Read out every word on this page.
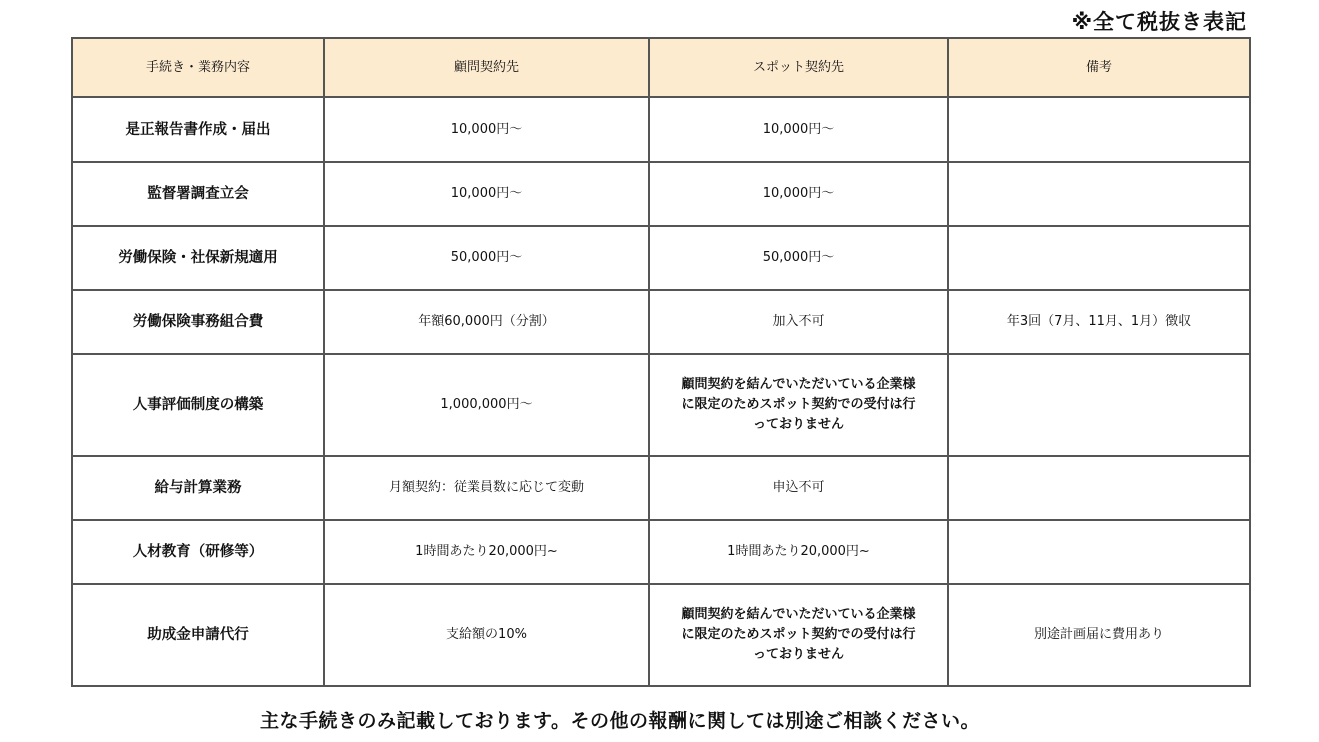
※全て税抜き表記
手続き・業務内容	顧問契約先	スポット契約先	備考
是正報告書作成・届出	10,000円～	10,000円～	
監督署調査立会	10,000円～	10,000円～	
労働保険・社保新規適用	50,000円～	50,000円～	
労働保険事務組合費	年額60,000円（分割）	加入不可	年3回（7月、11月、1月）徴収
人事評価制度の構築	1,000,000円～	顧問契約を結んでいただいている企業様に限定のためスポット契約での受付は行っておりません	
給与計算業務	月額契約：従業員数に応じて変動	申込不可	
人材教育（研修等）	1時間あたり20,000円~	1時間あたり20,000円~	
助成金申請代行	支給額の10%	顧問契約を結んでいただいている企業様に限定のためスポット契約での受付は行っておりません	別途計画届に費用あり
主な手続きのみ記載しております。その他の報酬に関しては別途ご相談ください。
